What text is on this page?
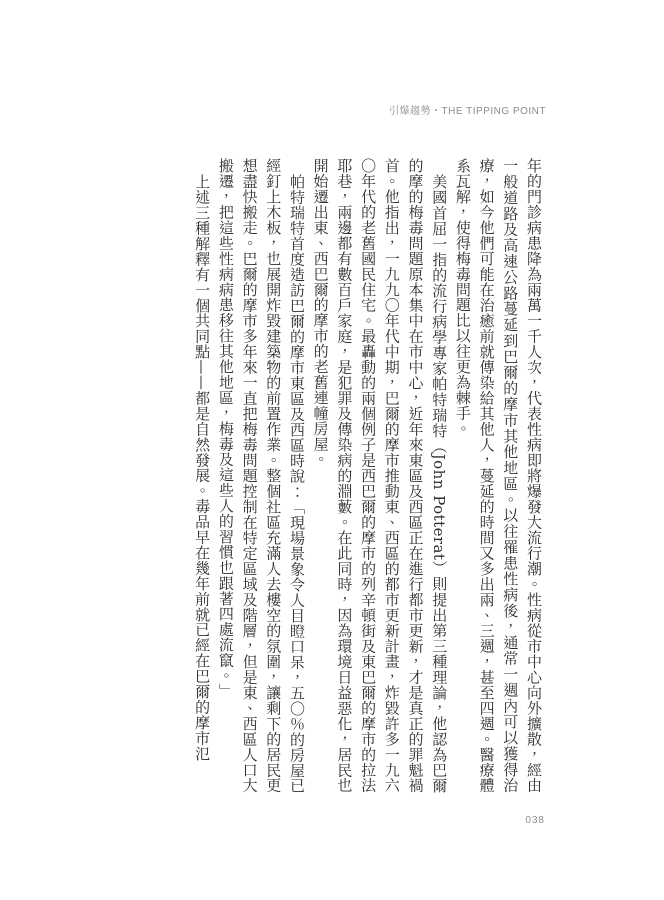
引爆趨勢・THE TIPPING POINT

年的門診病患降為兩萬一千人次，代表性病即將爆發大流行潮。性病從市中心向外擴散，經由一般道路及高速公路蔓延到巴爾的摩市其他地區。以往罹患性病後，通常一週內可以獲得治療，如今他們可能在治癒前就傳染給其他人，蔓延的時間又多出兩、三週，甚至四週。醫療體系瓦解，使得梅毒問題比以往更為棘手。

美國首屈一指的流行病學專家帕特瑞特（John Potterat）則提出第三種理論，他認為巴爾的摩的梅毒問題原本集中在市中心，近年來東區及西區正在進行都市更新，才是真正的罪魁禍首。他指出，一九九〇年代中期，巴爾的摩市推動東、西區的都市更新計畫，炸毀許多一九六〇年代的老舊國民住宅。最轟動的兩個例子是西巴爾的摩市的列辛頓街及東巴爾的摩市的拉法耶巷，兩邊都有數百戶家庭，是犯罪及傳染病的淵藪。在此同時，因為環境日益惡化，居民也開始遷出東、西巴爾的摩市的老舊連幢房屋。

帕特瑞特首度造訪巴爾的摩市東區及西區時說：「現場景象令人目瞪口呆，五〇％的房屋已經釘上木板，也展開炸毀建築物的前置作業。整個社區充滿人去樓空的氛圍，讓剩下的居民更想盡快搬走。巴爾的摩市多年來一直把梅毒問題控制在特定區域及階層，但是東、西區人口大搬遷，把這些性病病患移往其他地區，梅毒及這些人的習慣也跟著四處流竄。」

上述三種解釋有一個共同點——都是自然發展。毒品早在幾年前就已經在巴爾的摩市氾

038
